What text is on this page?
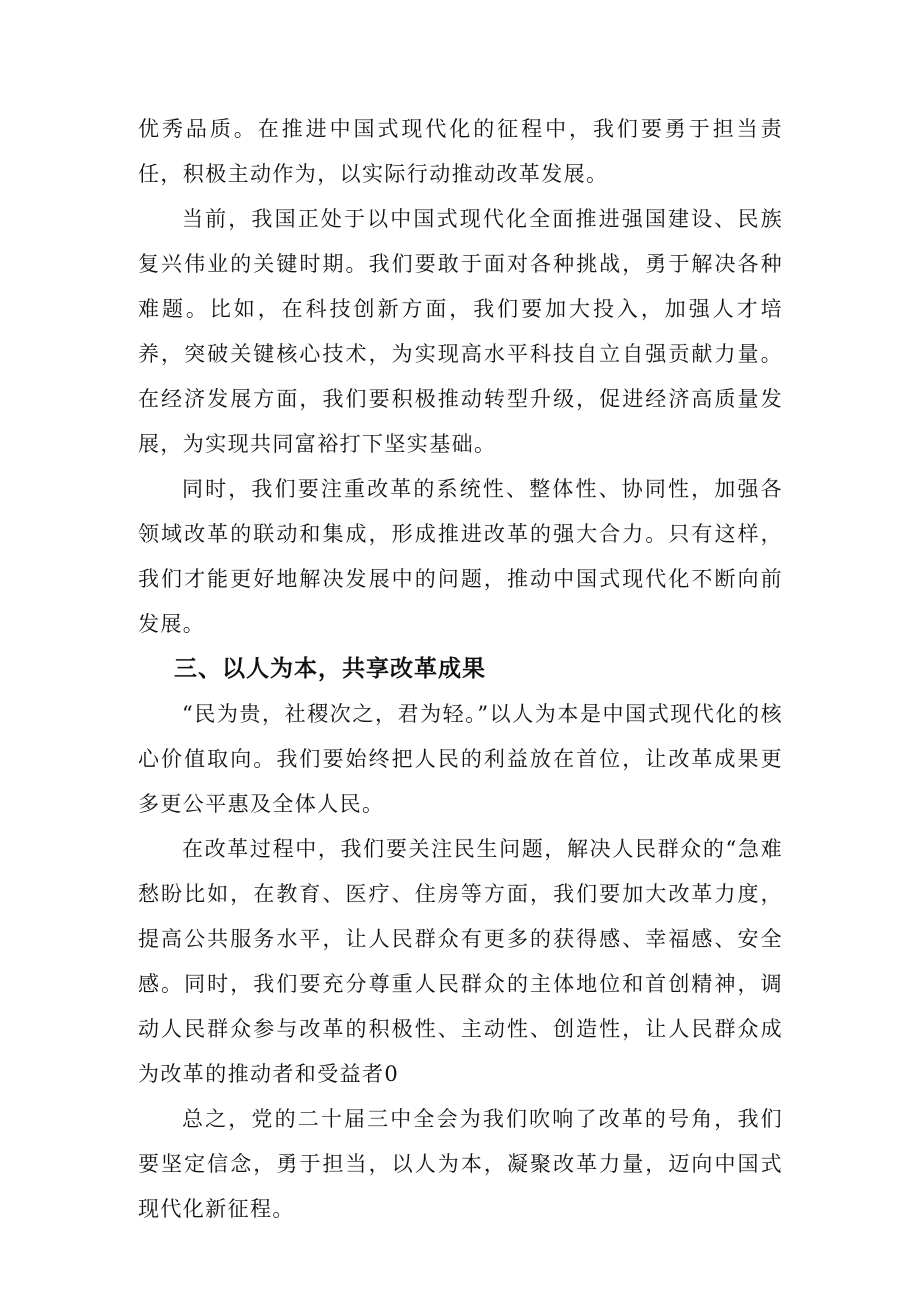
优秀品质。在推进中国式现代化的征程中，我们要勇于担当责任，积极主动作为，以实际行动推动改革发展。

当前，我国正处于以中国式现代化全面推进强国建设、民族复兴伟业的关键时期。我们要敢于面对各种挑战，勇于解决各种难题。比如，在科技创新方面，我们要加大投入，加强人才培养，突破关键核心技术，为实现高水平科技自立自强贡献力量。在经济发展方面，我们要积极推动转型升级，促进经济高质量发展，为实现共同富裕打下坚实基础。

同时，我们要注重改革的系统性、整体性、协同性，加强各领域改革的联动和集成，形成推进改革的强大合力。只有这样，我们才能更好地解决发展中的问题，推动中国式现代化不断向前发展。

三、以人为本，共享改革成果

“民为贵，社稷次之，君为轻。”以人为本是中国式现代化的核心价值取向。我们要始终把人民的利益放在首位，让改革成果更多更公平惠及全体人民。

在改革过程中，我们要关注民生问题，解决人民群众的“急难愁盼比如，在教育、医疗、住房等方面，我们要加大改革力度，提高公共服务水平，让人民群众有更多的获得感、幸福感、安全感。同时，我们要充分尊重人民群众的主体地位和首创精神，调动人民群众参与改革的积极性、主动性、创造性，让人民群众成为改革的推动者和受益者0

总之，党的二十届三中全会为我们吹响了改革的号角，我们要坚定信念，勇于担当，以人为本，凝聚改革力量，迈向中国式现代化新征程。
